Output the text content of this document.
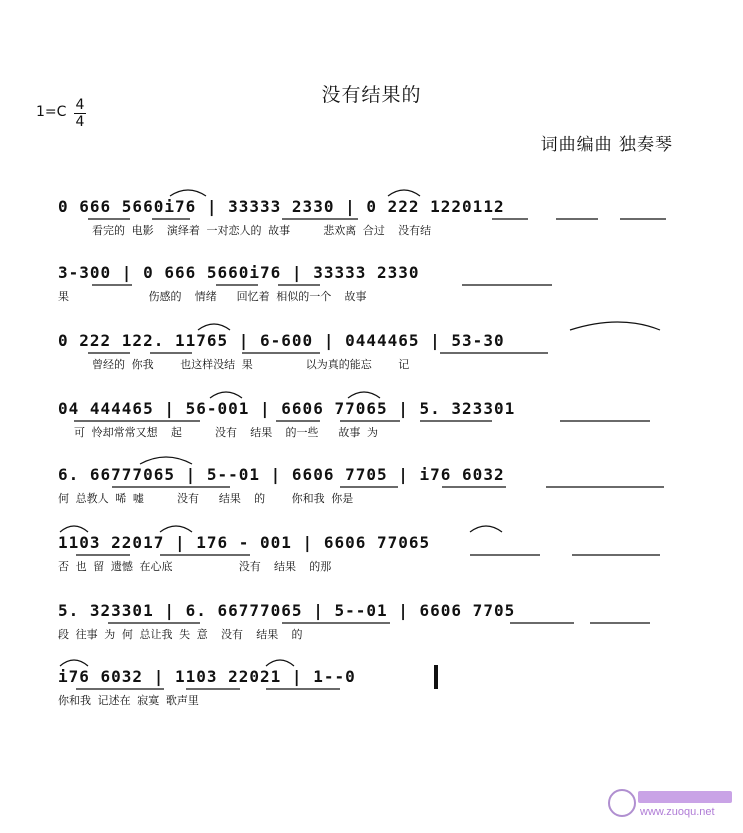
没有结果的
1=C 4
4
词曲编曲 独奏琴
0 666 5660i76 | 33333 2330 | 0 222 1220112
看完的 电影  演绎着 一对恋人的 故事     悲欢离 合过  没有结
3-300 | 0 666 5660i76 | 33333 2330
果            伤感的  情绪   回忆着 相似的一个  故事
0 222 122. 11765 | 6-600 | 0444465 | 53-30
曾经的 你我    也这样没结 果        以为真的能忘    记
04 444465 | 56-001 | 6606 77065 | 5. 323301
可 怜却常常又想  起     没有  结果  的一些   故事 为
6. 66777065 | 5--01 | 6606 7705 | i76 6032
何 总教人 唏 嘘     没有   结果  的    你和我 你是
1103 22017 | 176 - 001 | 6606 77065
否 也 留 遗憾 在心底          没有  结果  的那
5. 323301 | 6. 66777065 | 5--01 | 6606 7705
段 往事 为 何 总让我 失 意  没有  结果  的
i76 6032 | 1103 22021 | 1--0
你和我 记述在 寂寞 歌声里
www.zuoqu.net
